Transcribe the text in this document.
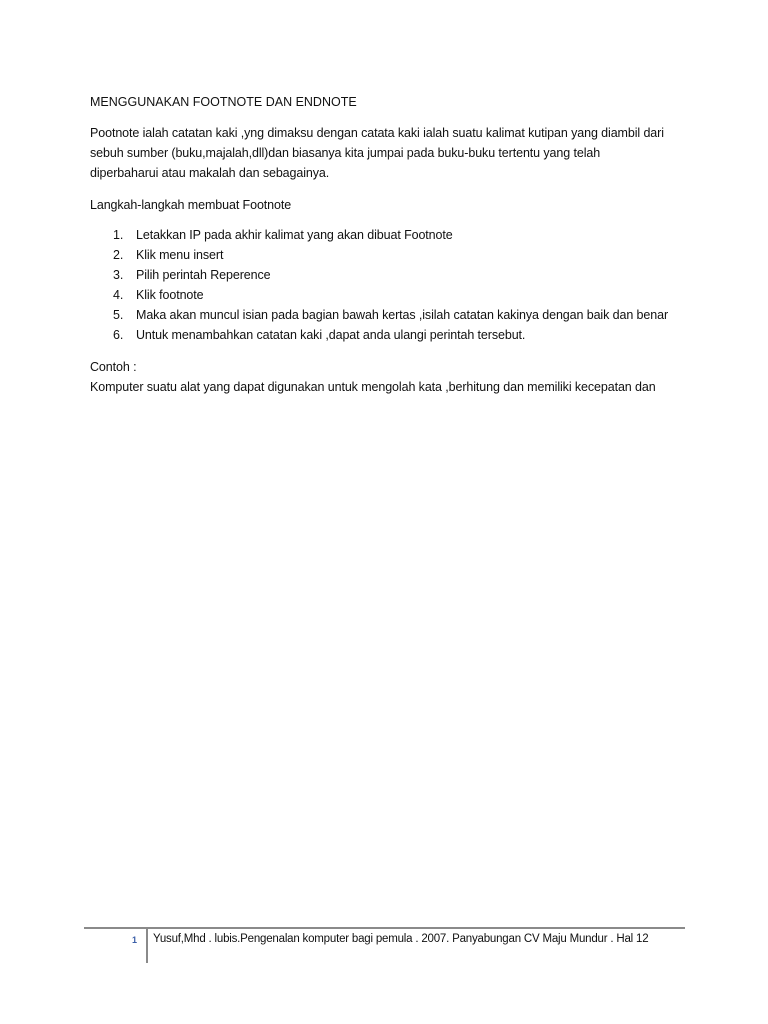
MENGGUNAKAN FOOTNOTE DAN ENDNOTE

Pootnote ialah catatan kaki ,yng dimaksu dengan catata kaki ialah suatu kalimat kutipan yang diambil dari sebuh sumber (buku,majalah,dll)dan biasanya kita jumpai pada buku-buku tertentu yang telah diperbaharui atau makalah dan sebagainya.

Langkah-langkah membuat Footnote

1. Letakkan IP pada akhir kalimat yang akan dibuat Footnote
2. Klik menu insert
3. Pilih perintah Reperence
4. Klik footnote
5. Maka akan muncul isian pada bagian bawah kertas ,isilah catatan kakinya dengan baik dan benar
6. Untuk menambahkan catatan kaki ,dapat anda ulangi perintah tersebut.

Contoh :

Komputer suatu alat yang dapat digunakan untuk mengolah kata ,berhitung dan memiliki kecepatan dan

1 Yusuf,Mhd . lubis.Pengenalan komputer bagi pemula . 2007. Panyabungan CV Maju Mundur . Hal 12
